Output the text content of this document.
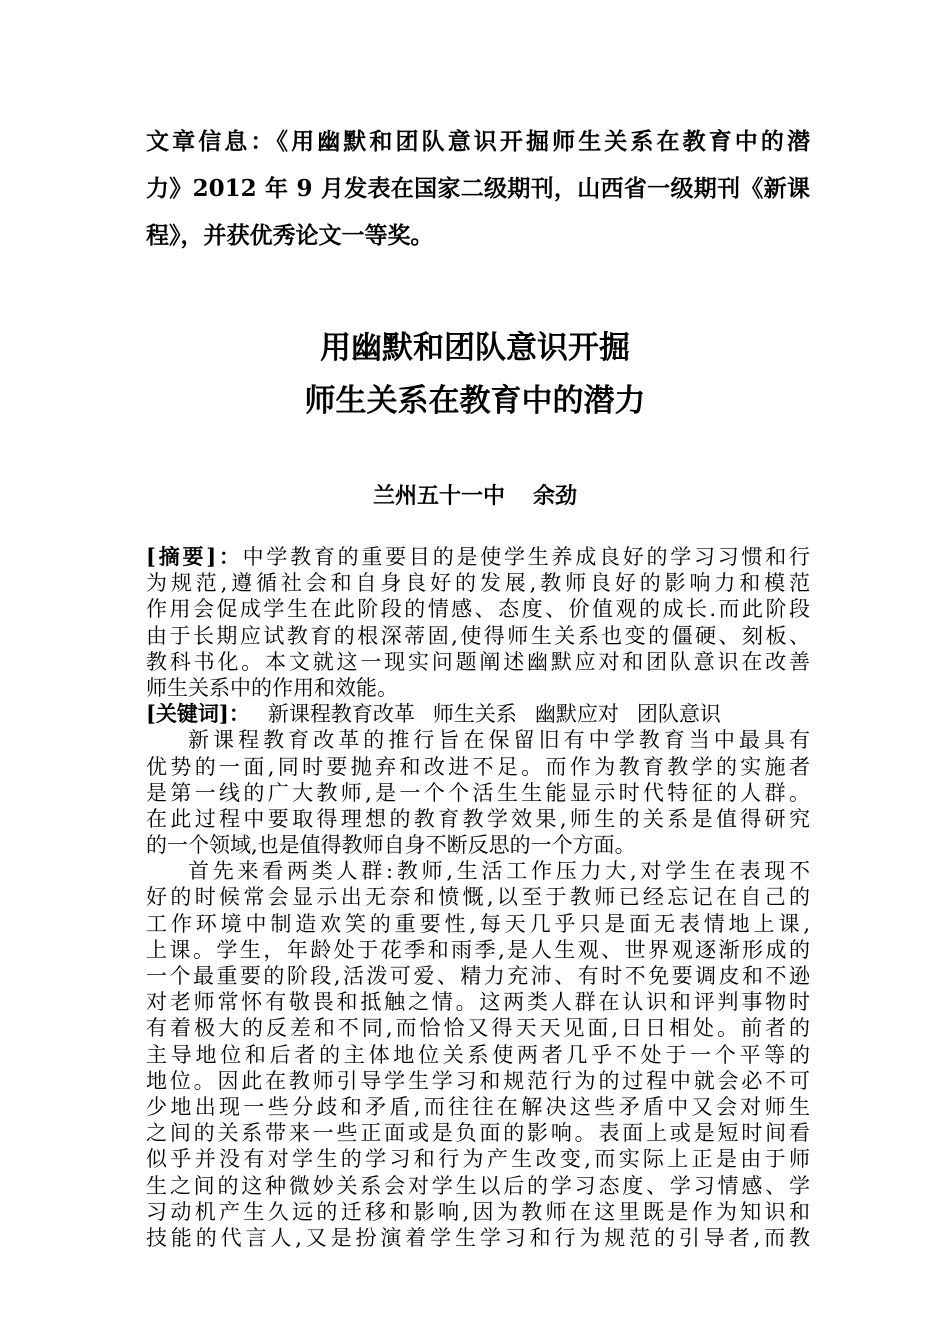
文章信息：《用幽默和团队意识开掘师生关系在教育中的潜
力》2012 年 9 月发表在国家二级期刊，山西省一级期刊《新课
程》，并获优秀论文一等奖。
用幽默和团队意识开掘
师生关系在教育中的潜力
兰州五十一中 余劲
[摘要]：中学教育的重要目的是使学生养成良好的学习习惯和行
为规范,遵循社会和自身良好的发展,教师良好的影响力和模范
作用会促成学生在此阶段的情感、态度、价值观的成长.而此阶段
由于长期应试教育的根深蒂固,使得师生关系也变的僵硬、刻板、
教科书化。本文就这一现实问题阐述幽默应对和团队意识在改善
师生关系中的作用和效能。
[关键词]： 新课程教育改革 师生关系 幽默应对 团队意识
新课程教育改革的推行旨在保留旧有中学教育当中最具有
优势的一面,同时要抛弃和改进不足。而作为教育教学的实施者
是第一线的广大教师,是一个个活生生能显示时代特征的人群。
在此过程中要取得理想的教育教学效果,师生的关系是值得研究
的一个领域,也是值得教师自身不断反思的一个方面。
首先来看两类人群:教师,生活工作压力大,对学生在表现不
好的时候常会显示出无奈和愤慨,以至于教师已经忘记在自己的
工作环境中制造欢笑的重要性,每天几乎只是面无表情地上课,
上课。学生，年龄处于花季和雨季,是人生观、世界观逐渐形成的
一个最重要的阶段,活泼可爱、精力充沛、有时不免要调皮和不逊
对老师常怀有敬畏和抵触之情。这两类人群在认识和评判事物时
有着极大的反差和不同,而恰恰又得天天见面,日日相处。前者的
主导地位和后者的主体地位关系使两者几乎不处于一个平等的
地位。因此在教师引导学生学习和规范行为的过程中就会必不可
少地出现一些分歧和矛盾,而往往在解决这些矛盾中又会对师生
之间的关系带来一些正面或是负面的影响。表面上或是短时间看
似乎并没有对学生的学习和行为产生改变,而实际上正是由于师
生之间的这种微妙关系会对学生以后的学习态度、学习情感、学
习动机产生久远的迁移和影响,因为教师在这里既是作为知识和
技能的代言人,又是扮演着学生学习和行为规范的引导者,而教
